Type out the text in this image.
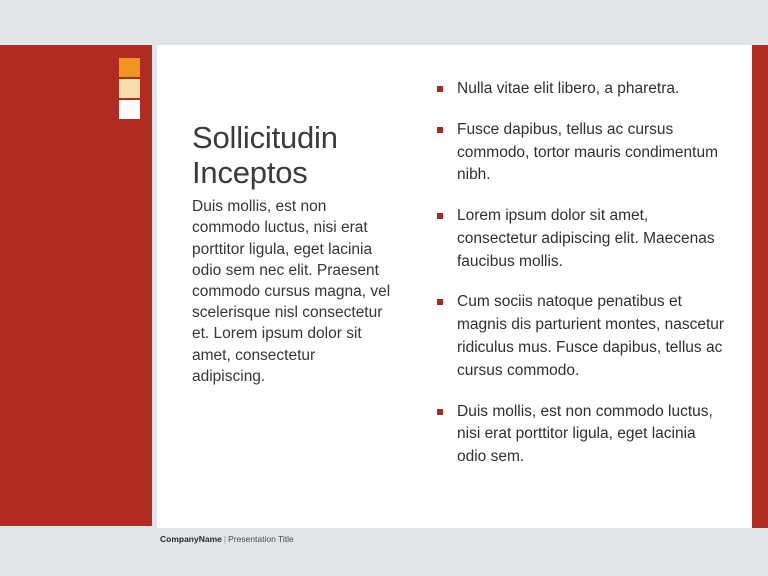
Sollicitudin Inceptos

Duis mollis, est non commodo luctus, nisi erat porttitor ligula, eget lacinia odio sem nec elit. Praesent commodo cursus magna, vel scelerisque nisl consectetur et. Lorem ipsum dolor sit amet, consectetur adipiscing.

Nulla vitae elit libero, a pharetra.
Fusce dapibus, tellus ac cursus commodo, tortor mauris condimentum nibh.
Lorem ipsum dolor sit amet, consectetur adipiscing elit. Maecenas faucibus mollis.
Cum sociis natoque penatibus et magnis dis parturient montes, nascetur ridiculus mus. Fusce dapibus, tellus ac cursus commodo.
Duis mollis, est non commodo luctus, nisi erat porttitor ligula, eget lacinia odio sem.
CompanyName | Presentation Title
